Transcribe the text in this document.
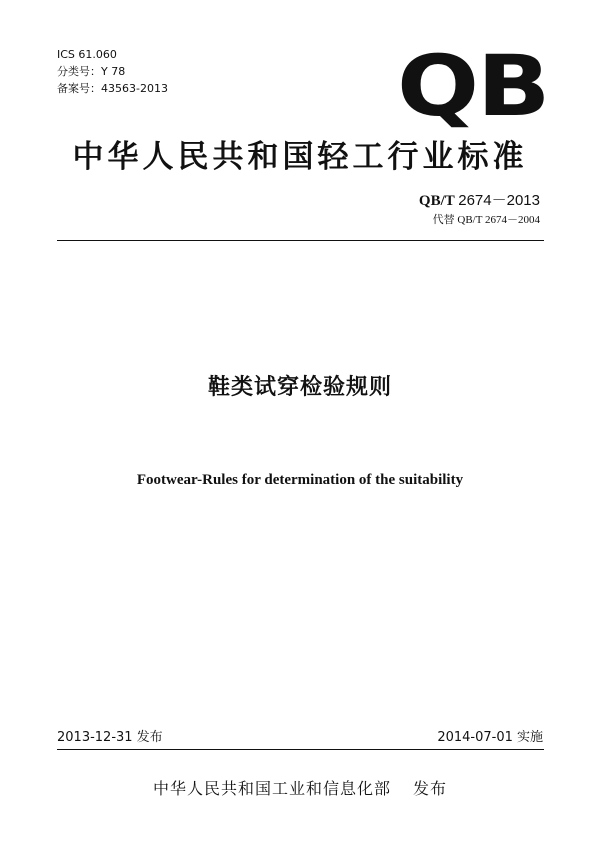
ICS 61.060
分类号：Y 78
备案号：43563-2013	QB
中华人民共和国轻工行业标准
QB/T 2674－2013
代替 QB/T 2674－2004
鞋类试穿检验规则
Footwear-Rules for determination of the suitability
2013-12-31 发布	2014-07-01 实施
中华人民共和国工业和信息化部 发布
